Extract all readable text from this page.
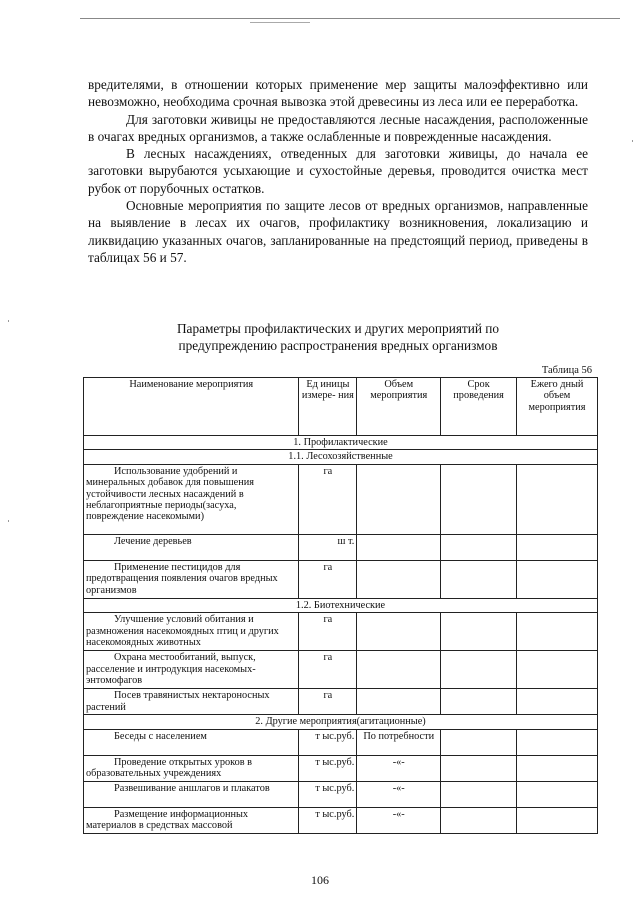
вредителями, в отношении которых применение мер защиты малоэффективно или невозможно, необходима срочная вывозка этой древесины из леса или ее переработка.

Для заготовки живицы не предоставляются лесные насаждения, расположенные в очагах вредных организмов, а также ослабленные и поврежденные насаждения.

В лесных насаждениях, отведенных для заготовки живицы, до начала ее заготовки вырубаются усыхающие и сухостойные деревья, проводится очистка мест рубок от порубочных остатков.

Основные мероприятия по защите лесов от вредных организмов, направленные на выявление в лесах их очагов, профилактику возникновения, локализацию и ликвидацию указанных очагов, запланированные на предстоящий период, приведены в таблицах 56 и 57.

Параметры профилактических и других мероприятий по
предупреждению распространения вредных организмов
Таблица 56
Наименование мероприятия	Ед иницы измере- ния	Объем мероприятия	Срок проведения	Ежего дный объем мероприятия
1. Профилактические				
1.1. Лесохозяйственные				
Использование удобрений и минеральных добавок для повышения устойчивости лесных насаждений в неблагоприятные периоды(засуха, повреждение насекомыми)	га			
Лечение деревьев	ш т.			
Применение пестицидов для предотвращения появления очагов вредных организмов	га			
1.2. Биотехнические				
Улучшение условий обитания и размножения насекомоядных птиц и других насекомоядных животных	га			
Охрана местообитаний, выпуск, расселение и интродукция насекомых-энтомофагов	га			
Посев травянистых нектароносных растений	га			
2. Другие мероприятия(агитационные)				
Беседы с населением	т ыс.руб.	По потребности		
Проведение открытых уроков в образовательных учреждениях	т ыс.руб.	-«-		
Развешивание аншлагов и плакатов	т ыс.руб.	-«-		
Размещение информационных материалов в средствах массовой	т ыс.руб.	-«-		
106
